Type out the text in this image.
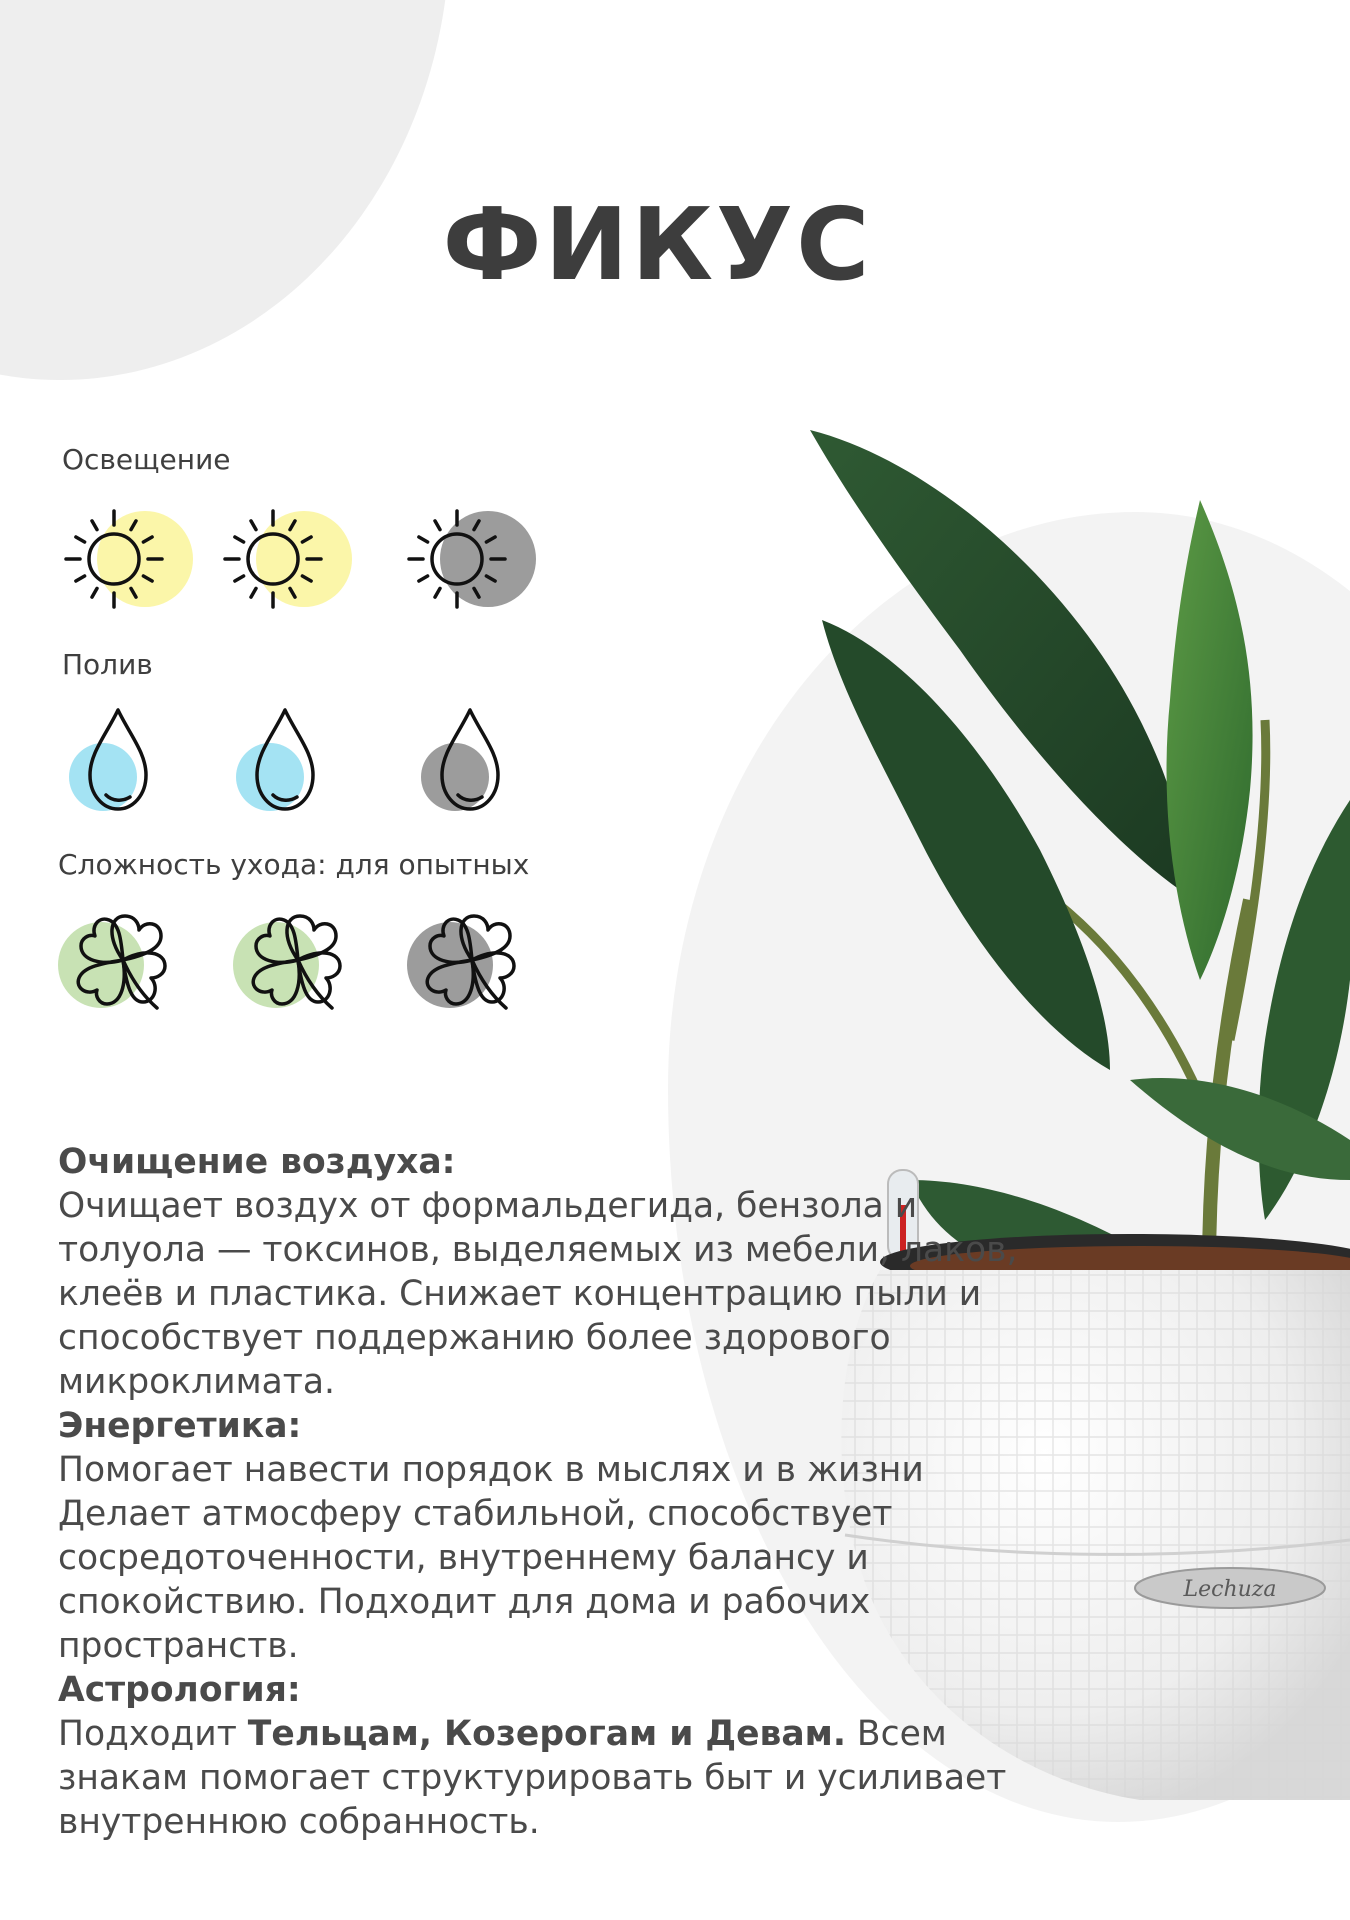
ФИКУС
Освещение
Полив
Сложность ухода: для опытных
Lechuza
Очищение воздуха:
Очищает воздух от формальдегида, бензола и толуола — токсинов, выделяемых из мебели, лаков, клеёв и пластика. Снижает концентрацию пыли и способствует поддержанию более здорового микроклимата.
Энергетика:
Помогает навести порядок в мыслях и в жизни Делает атмосферу стабильной, способствует сосредоточенности, внутреннему балансу и спокойствию. Подходит для дома и рабочих пространств.
Астрология:
Подходит Тельцам, Козерогам и Девам. Всем знакам помогает структурировать быт и усиливает внутреннюю собранность.
